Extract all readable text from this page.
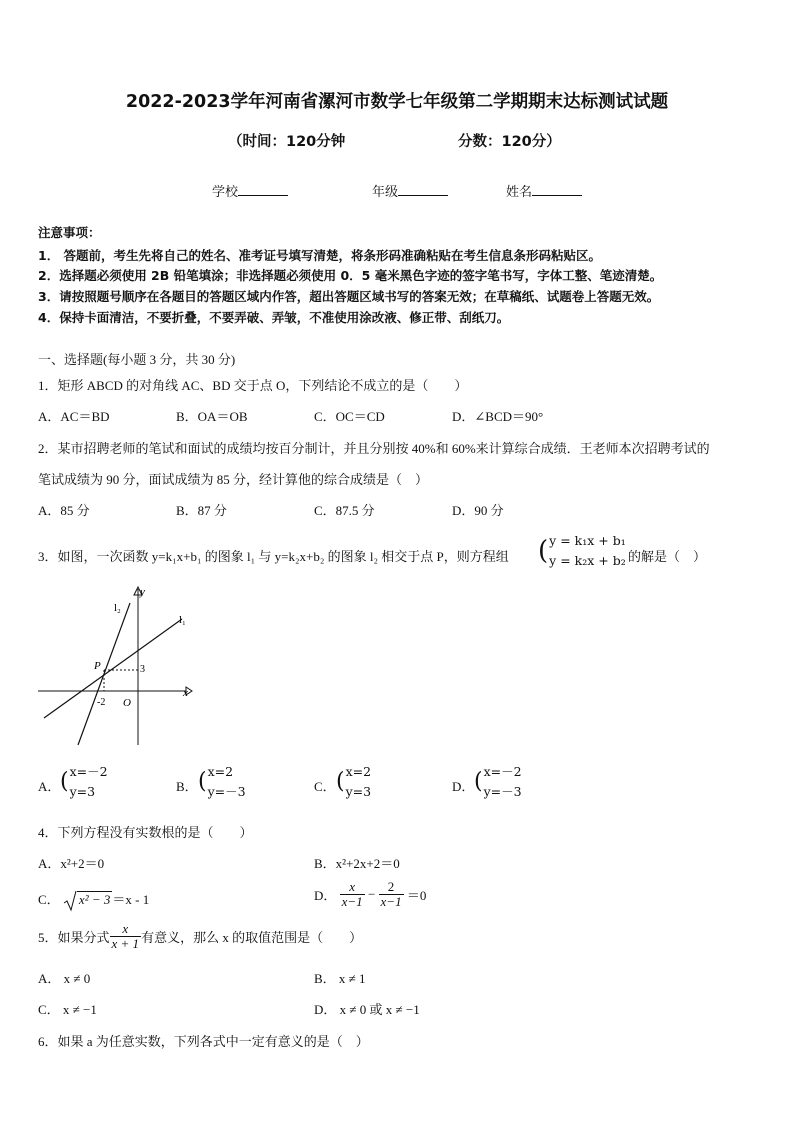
2022-2023学年河南省漯河市数学七年级第二学期期末达标测试试题
（时间：120分钟	分数：120分）
学校	年级	姓名
注意事项：
1． 答题前，考生先将自己的姓名、准考证号填写清楚，将条形码准确粘贴在考生信息条形码粘贴区。
2．选择题必须使用 2B 铅笔填涂；非选择题必须使用 0．5 毫米黑色字迹的签字笔书写，字体工整、笔迹清楚。
3．请按照题号顺序在各题目的答题区域内作答，超出答题区域书写的答案无效；在草稿纸、试题卷上答题无效。
4．保持卡面清洁，不要折叠，不要弄破、弄皱，不准使用涂改液、修正带、刮纸刀。
一、选择题(每小题 3 分，共 30 分)
1．矩形 ABCD 的对角线 AC、BD 交于点 O，下列结论不成立的是（　　）
A．AC＝BD	B．OA＝OB	C．OC＝CD	D．∠BCD＝90°
2．某市招聘老师的笔试和面试的成绩均按百分制计，并且分别按 40%和 60%来计算综合成绩．王老师本次招聘考试的
笔试成绩为 90 分，面试成绩为 85 分，经计算他的综合成绩是（　）
A．85 分	B．87 分	C．87.5 分	D．90 分
3．如图，一次函数 y=k₁x+b₁ 的图象 l₁ 与 y=k₂x+b₂ 的图象 l₂ 相交于点 P，则方程组 ( y = k₁x + b₁
y = k₂x + b₂ 的解是（　）
l₂
l₁
y
x
P	3
-2 O
A． ( x=－2
y=3	B． ( x=2
y=－3	C． ( x=2
y=3	D． ( x=－2
y=－3
4．下列方程没有实数根的是（　　）
A．x²+2＝0	B．x²+2x+2＝0
C． x² − 3 ＝x - 1	D． $\frac{x}{x-1} - \frac{2}{x-1} =0$
5．如果分式 $\frac{x}{x + 1}$ 有意义，那么 x 的取值范围是（　　）
A． x ≠ 0	B． x ≠ 1
C． x ≠ −1	D． x ≠ 0 或 x ≠ −1
6．如果 a 为任意实数，下列各式中一定有意义的是（　）
